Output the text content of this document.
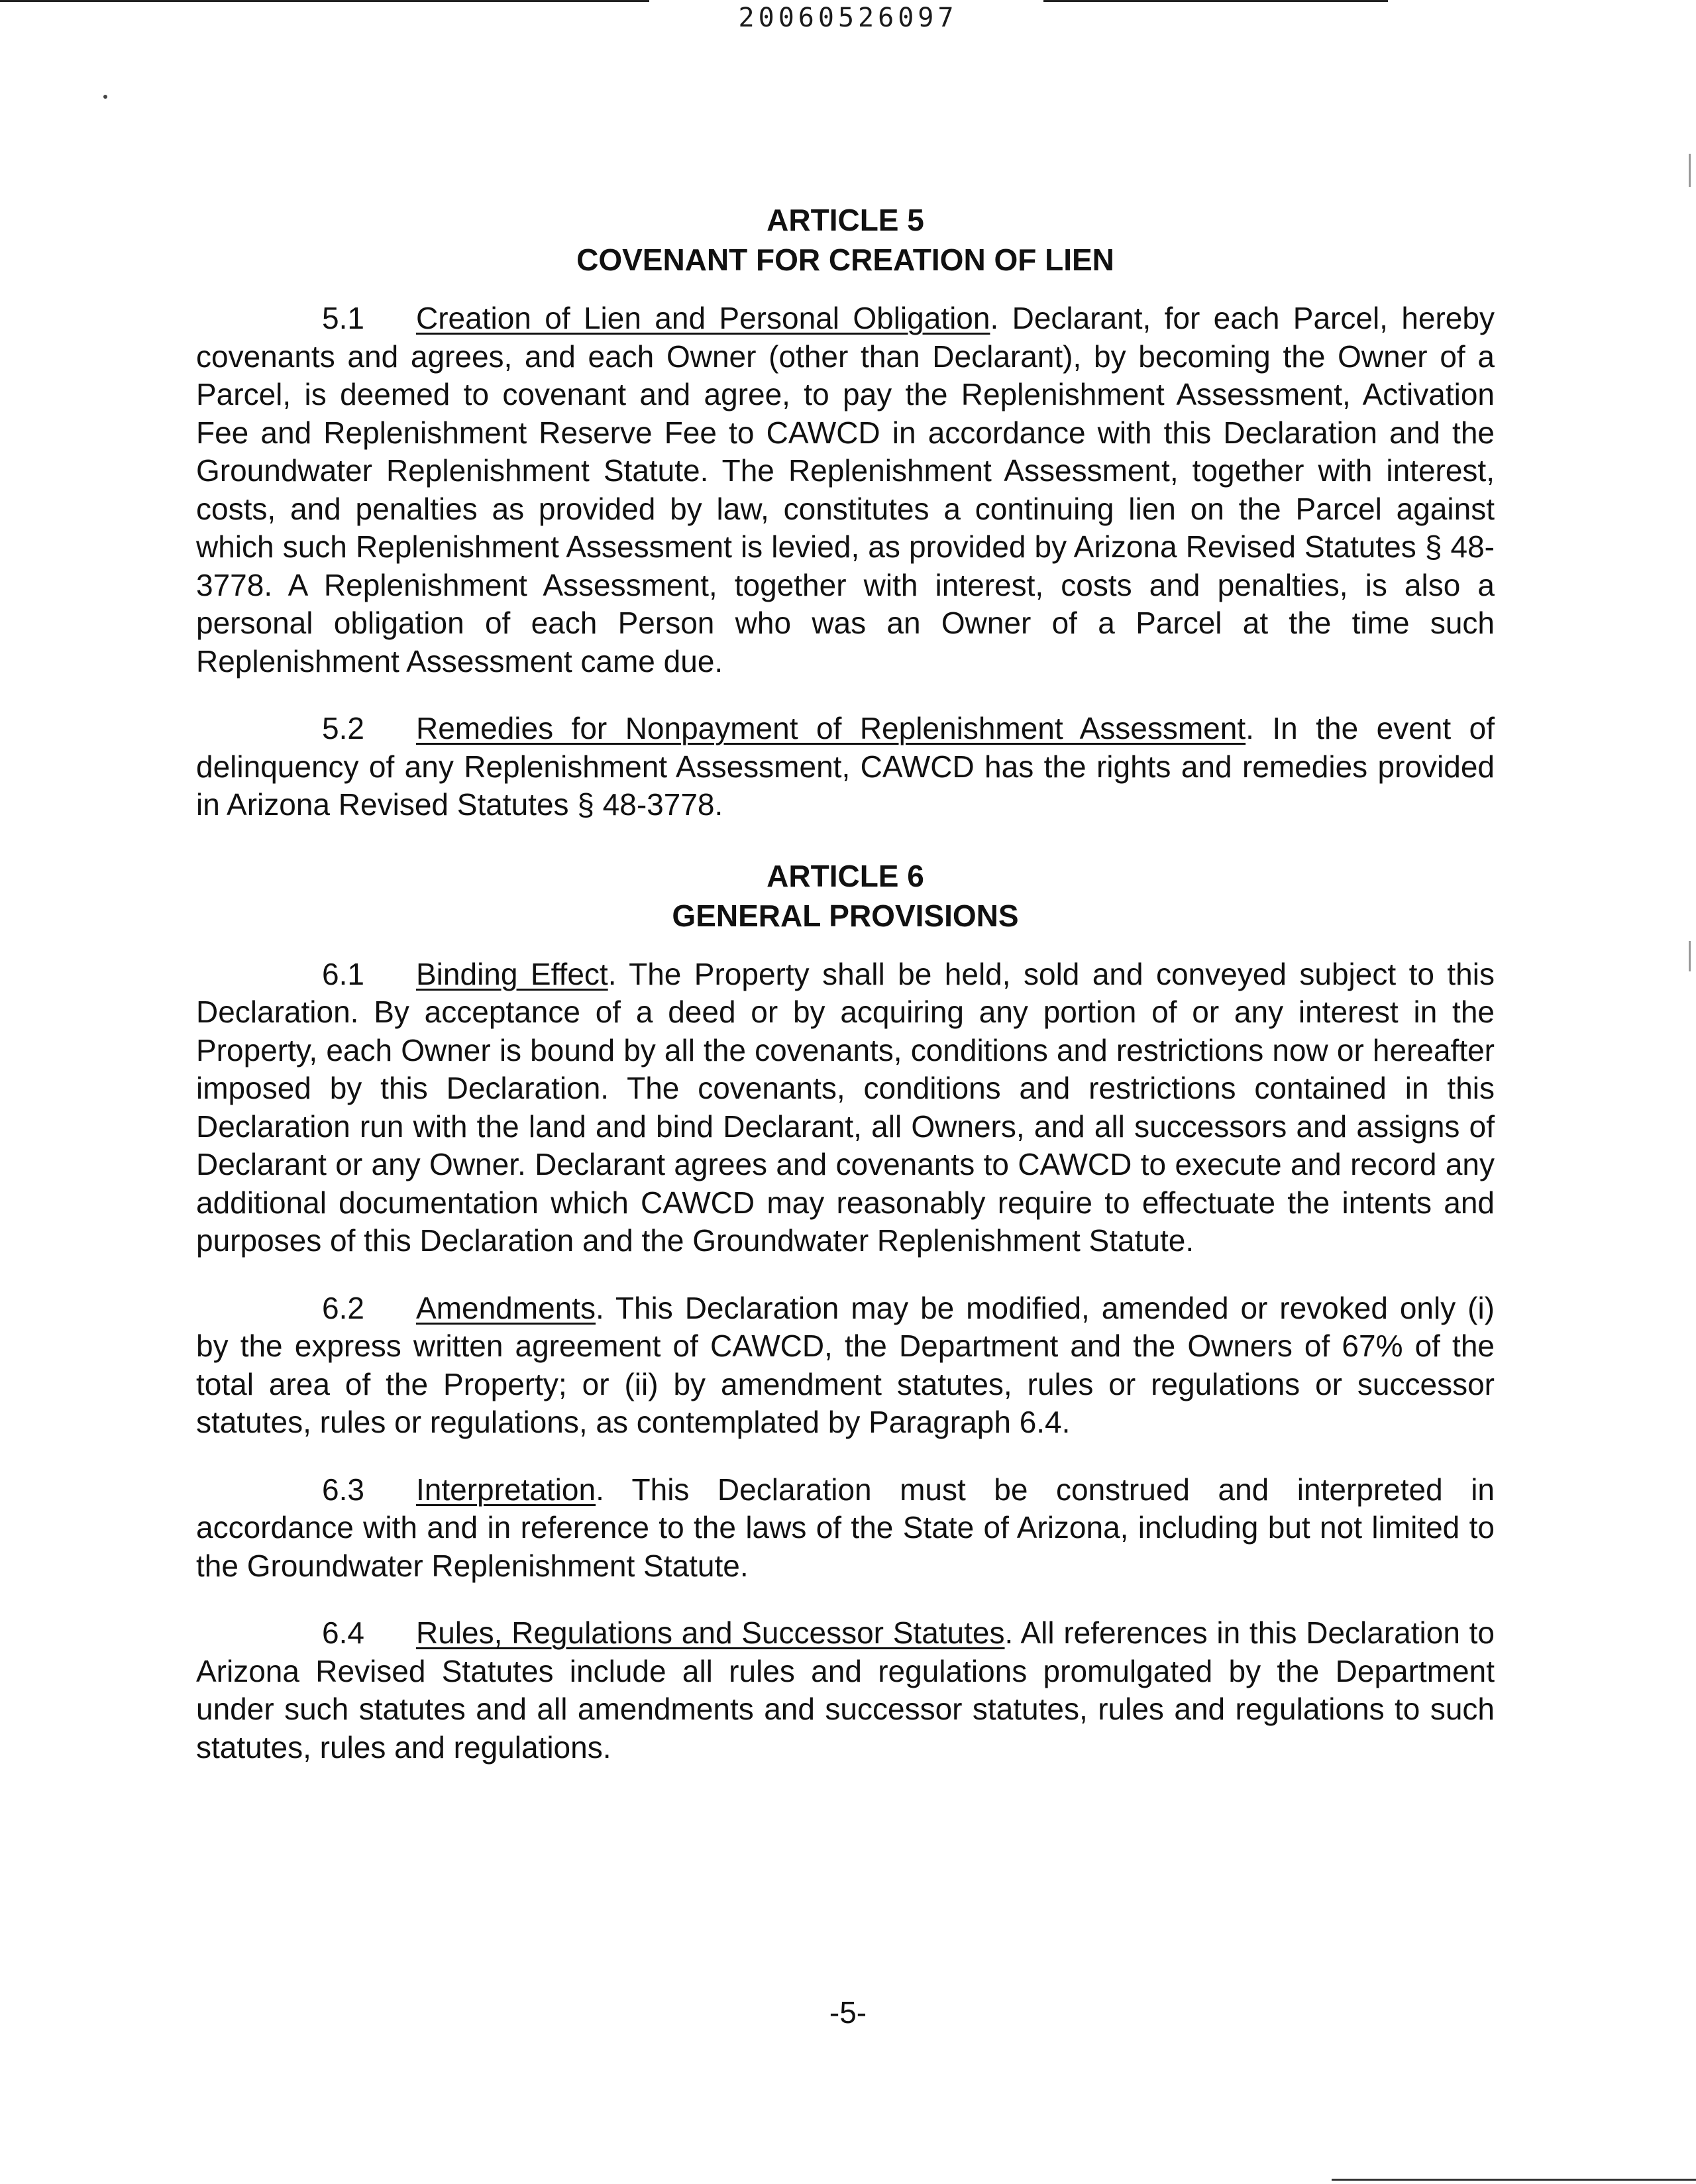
20060526097
ARTICLE 5
COVENANT FOR CREATION OF LIEN

5.1 Creation of Lien and Personal Obligation. Declarant, for each Parcel, hereby covenants and agrees, and each Owner (other than Declarant), by becoming the Owner of a Parcel, is deemed to covenant and agree, to pay the Replenishment Assessment, Activation Fee and Replenishment Reserve Fee to CAWCD in accordance with this Declaration and the Groundwater Replenishment Statute. The Replenishment Assessment, together with interest, costs, and penalties as provided by law, constitutes a continuing lien on the Parcel against which such Replenishment Assessment is levied, as provided by Arizona Revised Statutes § 48-3778. A Replenishment Assessment, together with interest, costs and penalties, is also a personal obligation of each Person who was an Owner of a Parcel at the time such Replenishment Assessment came due.

5.2 Remedies for Nonpayment of Replenishment Assessment. In the event of delinquency of any Replenishment Assessment, CAWCD has the rights and remedies provided in Arizona Revised Statutes § 48-3778.

ARTICLE 6
GENERAL PROVISIONS

6.1 Binding Effect. The Property shall be held, sold and conveyed subject to this Declaration. By acceptance of a deed or by acquiring any portion of or any interest in the Property, each Owner is bound by all the covenants, conditions and restrictions now or hereafter imposed by this Declaration. The covenants, conditions and restrictions contained in this Declaration run with the land and bind Declarant, all Owners, and all successors and assigns of Declarant or any Owner. Declarant agrees and covenants to CAWCD to execute and record any additional documentation which CAWCD may reasonably require to effectuate the intents and purposes of this Declaration and the Groundwater Replenishment Statute.

6.2 Amendments. This Declaration may be modified, amended or revoked only (i) by the express written agreement of CAWCD, the Department and the Owners of 67% of the total area of the Property; or (ii) by amendment statutes, rules or regulations or successor statutes, rules or regulations, as contemplated by Paragraph 6.4.

6.3 Interpretation. This Declaration must be construed and interpreted in accordance with and in reference to the laws of the State of Arizona, including but not limited to the Groundwater Replenishment Statute.

6.4 Rules, Regulations and Successor Statutes. All references in this Declaration to Arizona Revised Statutes include all rules and regulations promulgated by the Department under such statutes and all amendments and successor statutes, rules and regulations to such statutes, rules and regulations.

-5-
